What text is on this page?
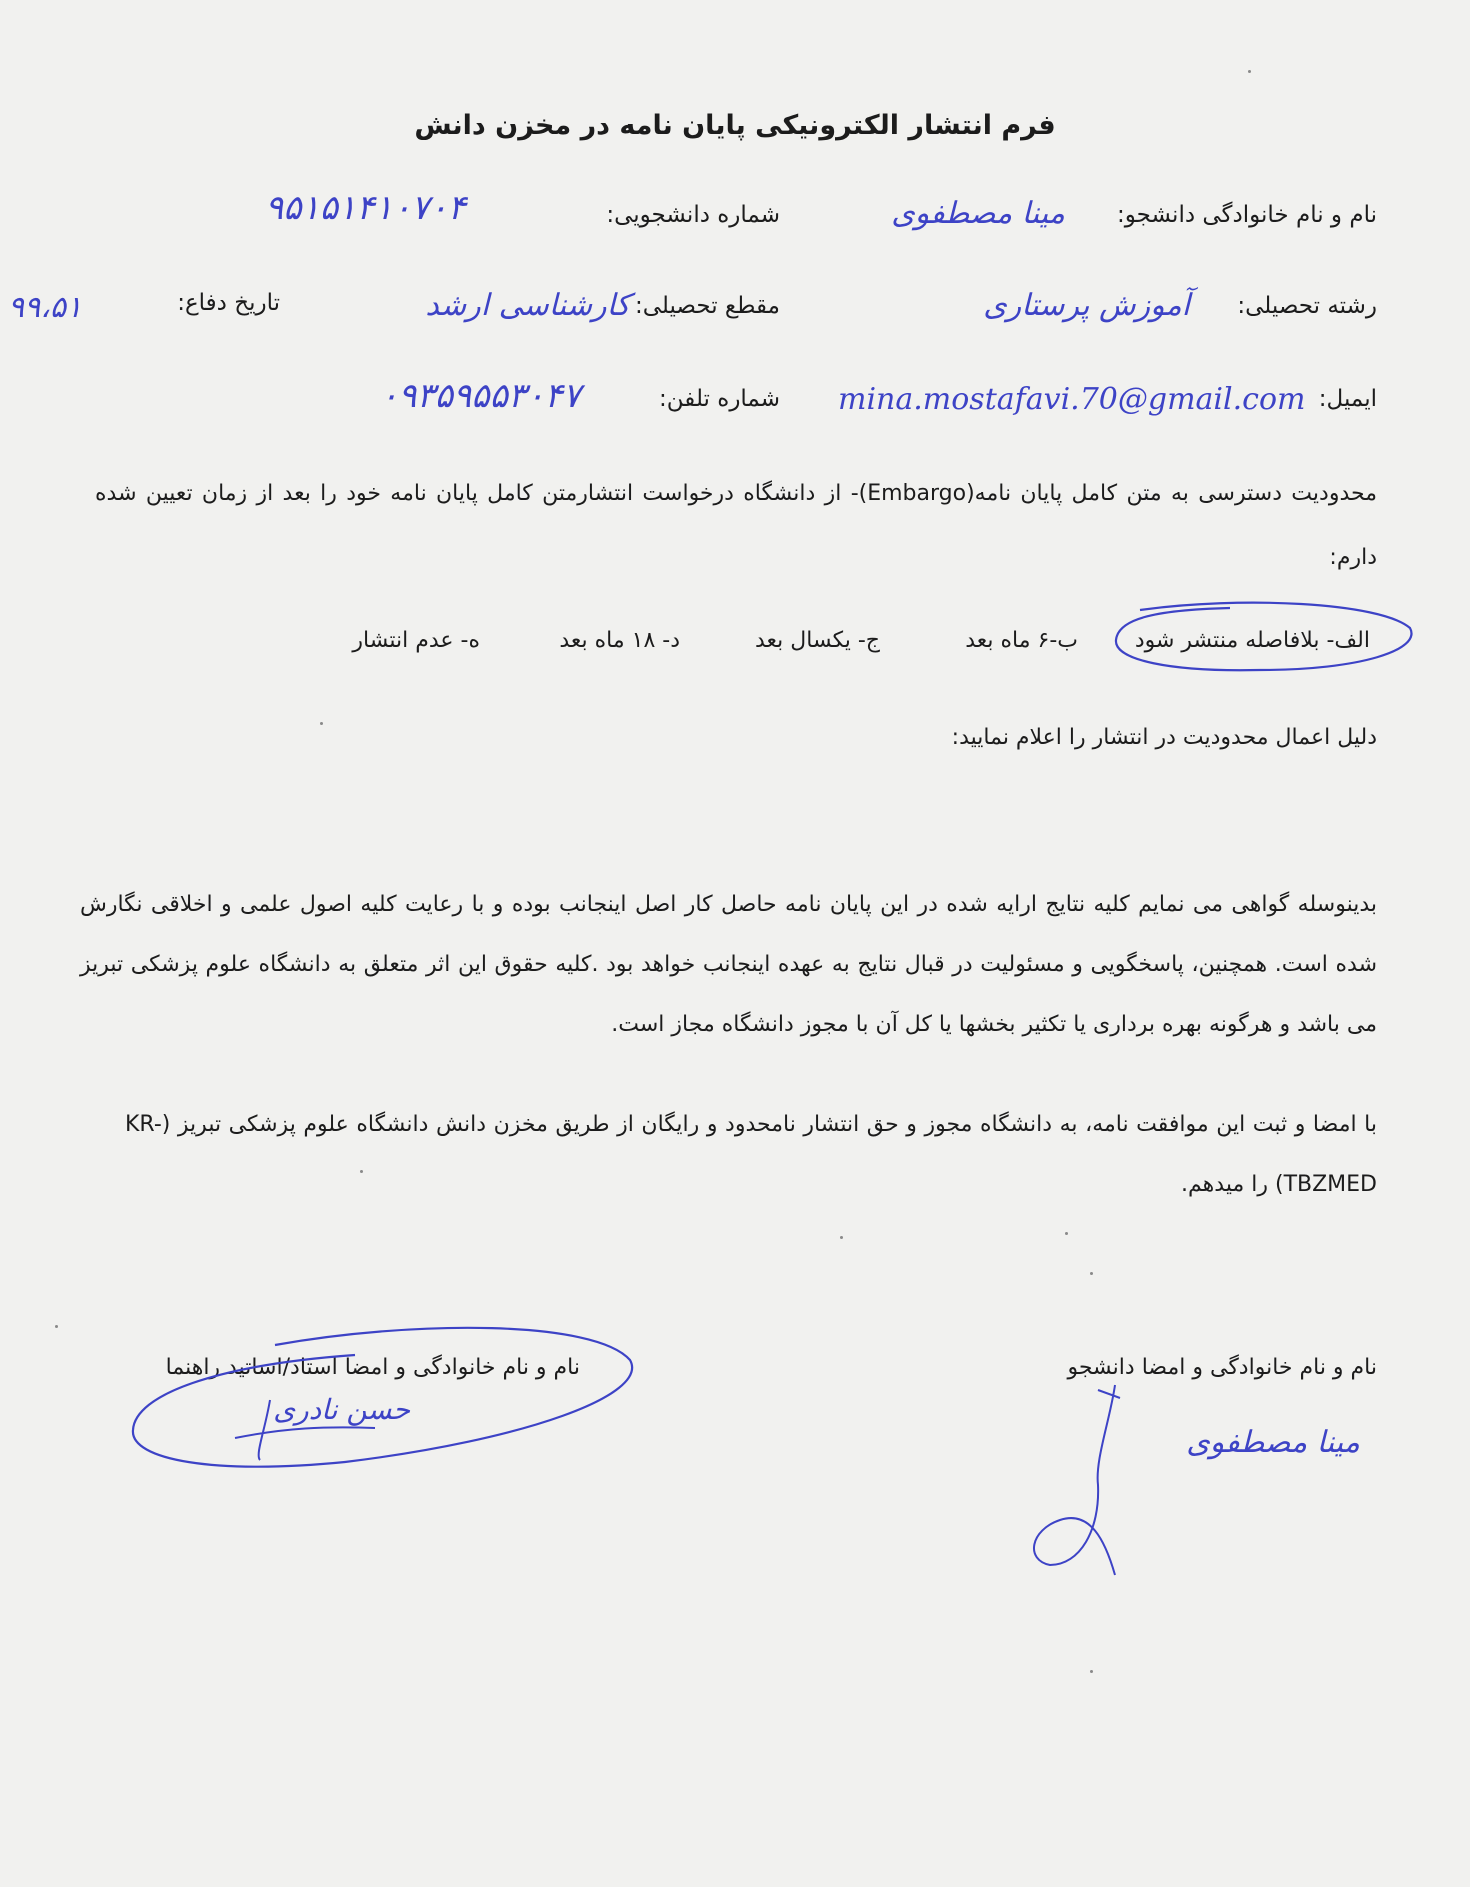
فرم انتشار الکترونیکی پایان نامه در مخزن دانش
نام و نام خانوادگی دانشجو:
مینا مصطفوی
شماره دانشجویی:
۹۵۱۵۱۴۱۰۷۰۴
رشته تحصیلی:
آموزش پرستاری
مقطع تحصیلی:
کارشناسی ارشد
تاریخ دفاع:
۹۹،۵۱
ایمیل:
mina.mostafavi.70@gmail.com
شماره تلفن:
۰۹۳۵۹۵۵۳۰۴۷
محدودیت دسترسی به متن کامل پایان نامه(Embargo)- از دانشگاه درخواست انتشارمتن کامل پایان نامه خود را بعد از زمان تعیین شده دارم:
الف- بلافاصله منتشر شود
ب-۶ ماه بعد
ج- یکسال بعد
د- ۱۸ ماه بعد
ه- عدم انتشار
دلیل اعمال محدودیت در انتشار را اعلام نمایید:
بدینوسله گواهی می نمایم کلیه نتایج ارایه شده در این پایان نامه حاصل کار اصل اینجانب بوده و با رعایت کلیه اصول علمی و اخلاقی نگارش شده است. همچنین، پاسخگویی و مسئولیت در قبال نتایج به عهده اینجانب خواهد بود .کلیه حقوق این اثر متعلق به دانشگاه علوم پزشکی تبریز می باشد و هرگونه بهره برداری یا تکثیر بخشها یا کل آن با مجوز دانشگاه مجاز است.
با امضا و ثبت این موافقت نامه، به دانشگاه مجوز و حق انتشار نامحدود و رایگان از طریق مخزن دانش دانشگاه علوم پزشکی تبریز (KR-TBZMED) را میدهم.
نام و نام خانوادگی و امضا دانشجو
مینا مصطفوی
نام و نام خانوادگی و امضا استاد/اساتید راهنما
حسن نادری
